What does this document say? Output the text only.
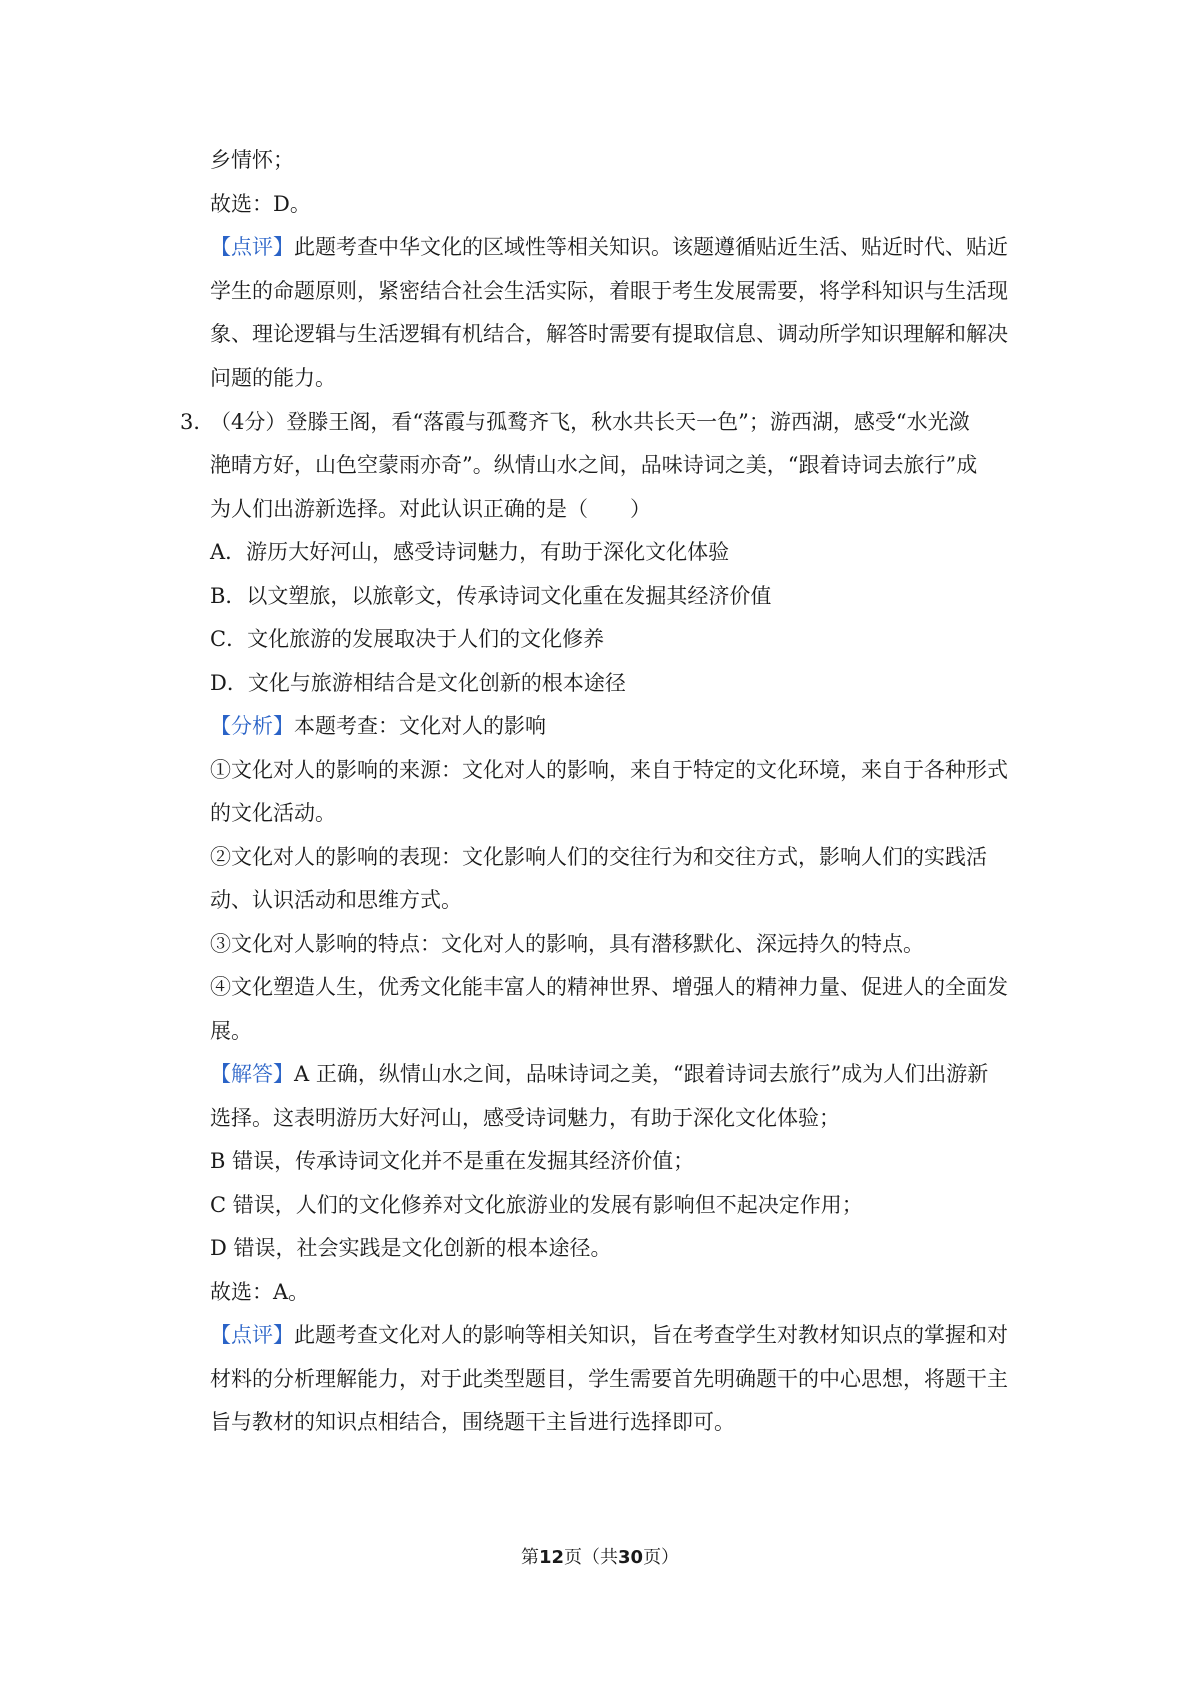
乡情怀；
故选：D。
【点评】此题考查中华文化的区域性等相关知识。该题遵循贴近生活、贴近时代、贴近
学生的命题原则，紧密结合社会生活实际，着眼于考生发展需要，将学科知识与生活现
象、理论逻辑与生活逻辑有机结合，解答时需要有提取信息、调动所学知识理解和解决
问题的能力。
3．
（4分）登滕王阁，看“落霞与孤鹜齐飞，秋水共长天一色”；游西湖，感受“水光潋
滟晴方好，山色空蒙雨亦奇”。纵情山水之间，品味诗词之美，“跟着诗词去旅行”成
为人们出游新选择。对此认识正确的是（　　）
A．游历大好河山，感受诗词魅力，有助于深化文化体验
B．以文塑旅，以旅彰文，传承诗词文化重在发掘其经济价值
C．文化旅游的发展取决于人们的文化修养
D．文化与旅游相结合是文化创新的根本途径
【分析】本题考查：文化对人的影响
①文化对人的影响的来源：文化对人的影响，来自于特定的文化环境，来自于各种形式
的文化活动。
②文化对人的影响的表现：文化影响人们的交往行为和交往方式，影响人们的实践活
动、认识活动和思维方式。
③文化对人影响的特点：文化对人的影响，具有潜移默化、深远持久的特点。
④文化塑造人生，优秀文化能丰富人的精神世界、增强人的精神力量、促进人的全面发
展。
【解答】A 正确，纵情山水之间，品味诗词之美，“跟着诗词去旅行”成为人们出游新
选择。这表明游历大好河山，感受诗词魅力，有助于深化文化体验；
B 错误，传承诗词文化并不是重在发掘其经济价值；
C 错误，人们的文化修养对文化旅游业的发展有影响但不起决定作用；
D 错误，社会实践是文化创新的根本途径。
故选：A。
【点评】此题考查文化对人的影响等相关知识，旨在考查学生对教材知识点的掌握和对
材料的分析理解能力，对于此类型题目，学生需要首先明确题干的中心思想，将题干主
旨与教材的知识点相结合，围绕题干主旨进行选择即可。
第12页（共30页）
